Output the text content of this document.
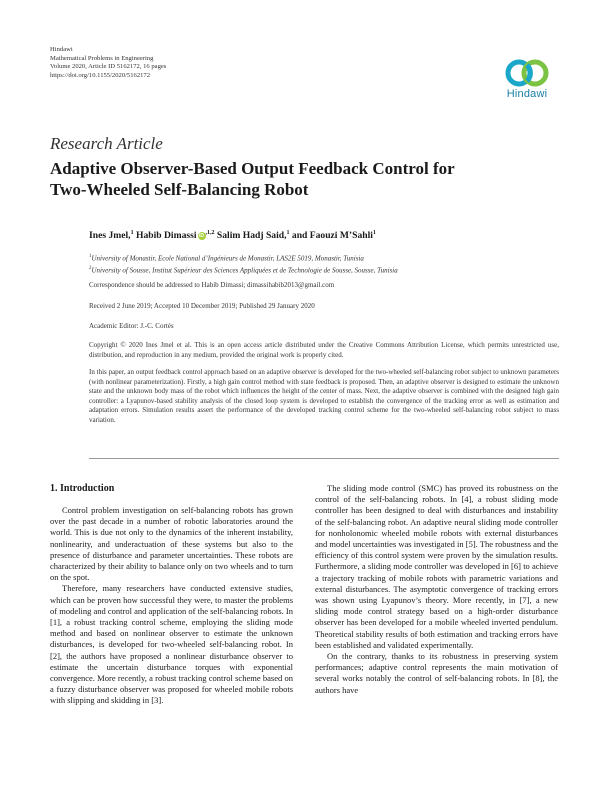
Hindawi
Mathematical Problems in Engineering
Volume 2020, Article ID 5162172, 16 pages
https://doi.org/10.1155/2020/5162172
Hindawi
Research Article
Adaptive Observer-Based Output Feedback Control for
Two-Wheeled Self-Balancing Robot
Ines Jmel,$^1$ Habib Dimassi $iD^{,1,2}$ Salim Hadj Said,$^1$ and Faouzi M’Sahli$^1$
$^1$University of Monastir, Ecole National d’Ingénieurs de Monastir, LAS2E 5019, Monastir, Tunisia
$^2$University of Sousse, Institut Supérieur des Sciences Appliquées et de Technologie de Sousse, Sousse, Tunisia
Correspondence should be addressed to Habib Dimassi; dimassihabib2013@gmail.com
Received 2 June 2019; Accepted 10 December 2019; Published 29 January 2020
Academic Editor: J.-C. Cortés
Copyright © 2020 Ines Jmel et al. This is an open access article distributed under the Creative Commons Attribution License, which permits unrestricted use, distribution, and reproduction in any medium, provided the original work is properly cited.
In this paper, an output feedback control approach based on an adaptive observer is developed for the two-wheeled self-balancing robot subject to unknown parameters (with nonlinear parameterization). Firstly, a high gain control method with state feedback is proposed. Then, an adaptive observer is designed to estimate the unknown state and the unknown body mass of the robot which influences the height of the center of mass. Next, the adaptive observer is combined with the designed high gain controller: a Lyapunov-based stability analysis of the closed loop system is developed to establish the convergence of the tracking error as well as estimation and adaptation errors. Simulation results assert the performance of the developed tracking control scheme for the two-wheeled self-balancing robot subject to mass variation.
1. Introduction

Control problem investigation on self-balancing robots has grown over the past decade in a number of robotic laboratories around the world. This is due not only to the dynamics of the inherent instability, nonlinearity, and underactuation of these systems but also to the presence of disturbance and parameter uncertainties. These robots are characterized by their ability to balance only on two wheels and to turn on the spot.

Therefore, many researchers have conducted extensive studies, which can be proven how successful they were, to master the problems of modeling and control and application of the self-balancing robots. In [1], a robust tracking control scheme, employing the sliding mode method and based on nonlinear observer to estimate the unknown disturbances, is developed for two-wheeled self-balancing robot. In [2], the authors have proposed a nonlinear disturbance observer to estimate the uncertain disturbance torques with exponential convergence. More recently, a robust tracking control scheme based on a fuzzy disturbance observer was proposed for wheeled mobile robots with slipping and skidding in [3].

The sliding mode control (SMC) has proved its robustness on the control of the self-balancing robots. In [4], a robust sliding mode controller has been designed to deal with disturbances and instability of the self-balancing robot. An adaptive neural sliding mode controller for nonholonomic wheeled mobile robots with external disturbances and model uncertainties was investigated in [5]. The robustness and the efficiency of this control system were proven by the simulation results. Furthermore, a sliding mode controller was developed in [6] to achieve a trajectory tracking of mobile robots with parametric variations and external disturbances. The asymptotic convergence of tracking errors was shown using Lyapunov’s theory. More recently, in [7], a new sliding mode control strategy based on a high-order disturbance observer has been developed for a mobile wheeled inverted pendulum. Theoretical stability results of both estimation and tracking errors have been established and validated experimentally.

On the contrary, thanks to its robustness in preserving system performances; adaptive control represents the main motivation of several works notably the control of self-balancing robots. In [8], the authors have
